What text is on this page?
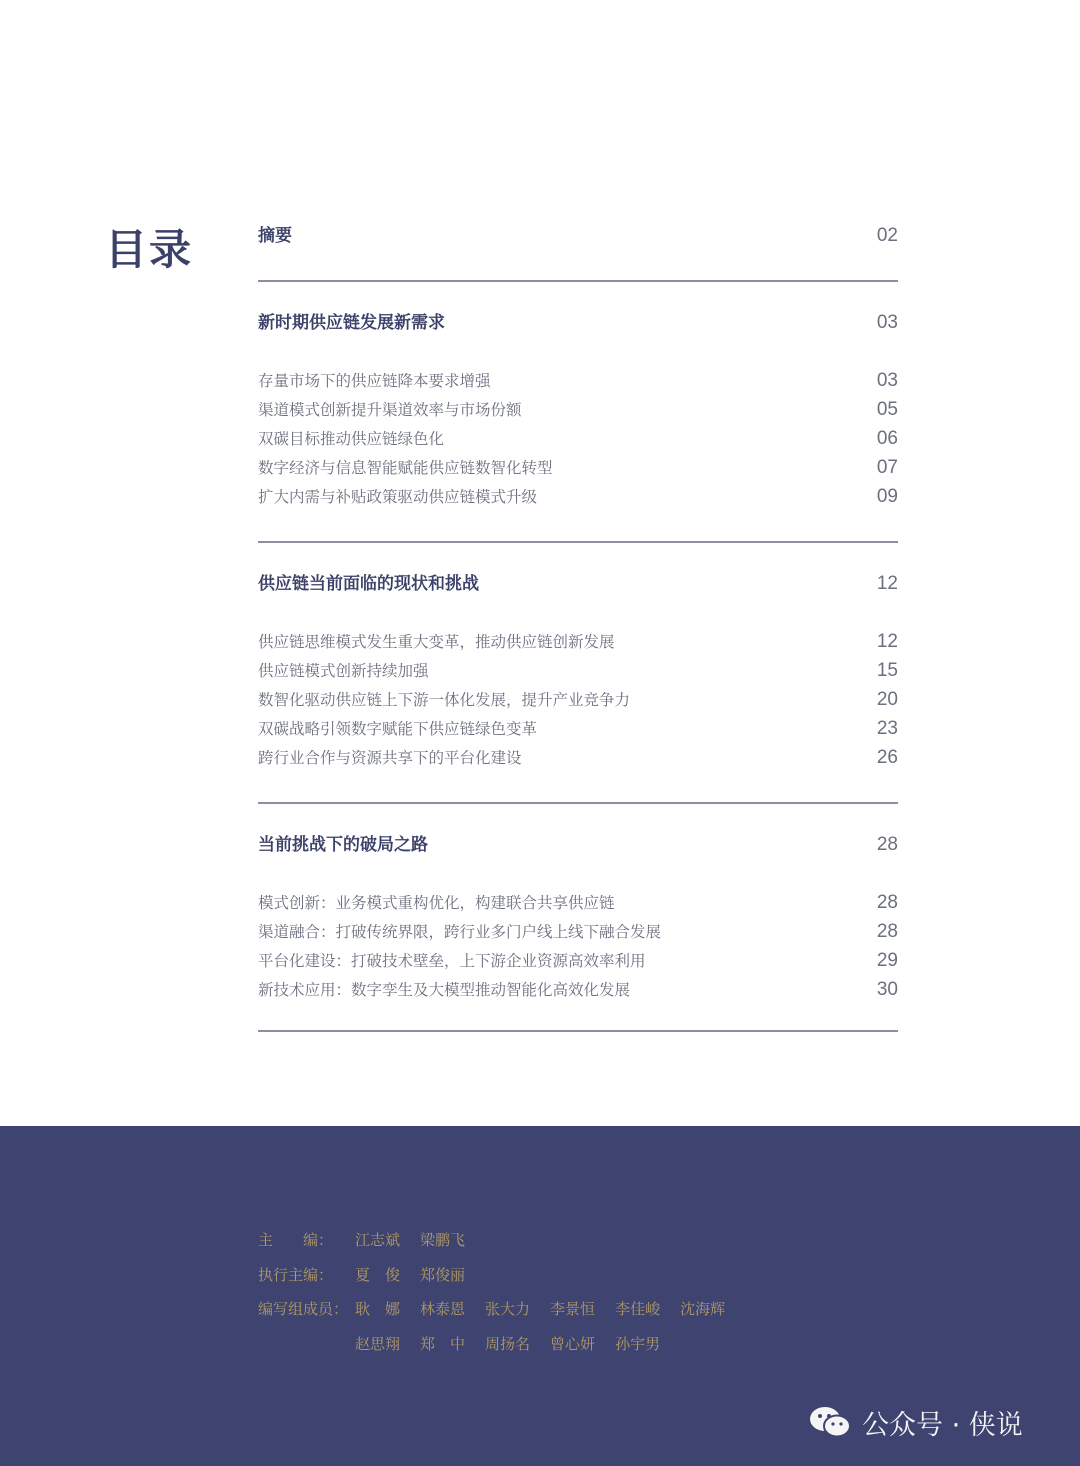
目录	摘要	02
新时期供应链发展新需求	03
存量市场下的供应链降本要求增强	03
渠道模式创新提升渠道效率与市场份额	05
双碳目标推动供应链绿色化	06
数字经济与信息智能赋能供应链数智化转型	07
扩大内需与补贴政策驱动供应链模式升级	09
供应链当前面临的现状和挑战	12
供应链思维模式发生重大变革，推动供应链创新发展	12
供应链模式创新持续加强	15
数智化驱动供应链上下游一体化发展，提升产业竞争力	20
双碳战略引领数字赋能下供应链绿色变革	23
跨行业合作与资源共享下的平台化建设	26
当前挑战下的破局之路	28
模式创新：业务模式重构优化，构建联合共享供应链	28
渠道融合：打破传统界限，跨行业多门户线上线下融合发展	28
平台化建设：打破技术壁垒，上下游企业资源高效率利用	29
新技术应用：数字孪生及大模型推动智能化高效化发展	30
主　　编： 江志斌 梁鹏飞
执行主编： 夏　俊 郑俊丽
编写组成员： 耿　娜 林泰恩 张大力 李景恒 李佳峻 沈海辉
赵思翔 郑　中 周扬名 曾心妍 孙宇男
公众号 · 侠说
